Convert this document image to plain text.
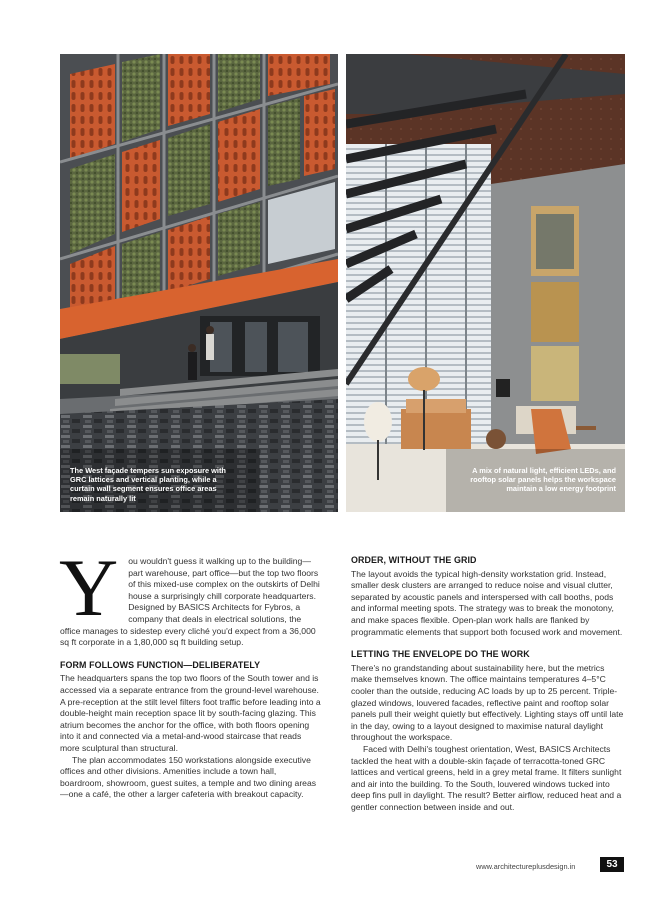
The West façade tempers sun exposure with GRC lattices and vertical planting, while a curtain wall segment ensures office areas remain naturally lit
A mix of natural light, efficient LEDs, and rooftop solar panels helps the workspace maintain a low energy footprint

Y ou wouldn't guess it walking up to the building—part warehouse, part office—but the top two floors of this mixed-use complex on the outskirts of Delhi house a surprisingly chill corporate headquarters. Designed by BASICS Architects for Fybros, a company that deals in electrical solutions, the office manages to sidestep every cliché you'd expect from a 36,000 sq ft corporate in a 1,80,000 sq ft building setup.

FORM FOLLOWS FUNCTION—DELIBERATELY

The headquarters spans the top two floors of the South tower and is accessed via a separate entrance from the ground-level warehouse. A pre-reception at the stilt level filters foot traffic before leading into a double-height main reception space lit by south-facing glazing. This atrium becomes the anchor for the office, with both floors opening into it and connected via a metal-and-wood staircase that reads more sculptural than structural.

The plan accommodates 150 workstations alongside executive offices and other divisions. Amenities include a town hall, boardroom, showroom, guest suites, a temple and two dining areas—one a café, the other a larger cafeteria with breakout capacity.

ORDER, WITHOUT THE GRID

The layout avoids the typical high-density workstation grid. Instead, smaller desk clusters are arranged to reduce noise and visual clutter, separated by acoustic panels and interspersed with call booths, pods and informal meeting spots. The strategy was to break the monotony, and make spaces flexible. Open-plan work halls are flanked by programmatic elements that support both focused work and movement.

LETTING THE ENVELOPE DO THE WORK

There's no grandstanding about sustainability here, but the metrics make themselves known. The office maintains temperatures 4–5°C cooler than the outside, reducing AC loads by up to 25 percent. Triple-glazed windows, louvered facades, reflective paint and rooftop solar panels pull their weight quietly but effectively. Lighting stays off until late in the day, owing to a layout designed to maximise natural daylight throughout the workspace.

Faced with Delhi's toughest orientation, West, BASICS Architects tackled the heat with a double-skin façade of terracotta-toned GRC lattices and vertical greens, held in a grey metal frame. It filters sunlight and air into the building. To the South, louvered windows tucked into deep fins pull in daylight. The result? Better airflow, reduced heat and a gentler connection between inside and out.

www.architectureplusdesign.in	53
